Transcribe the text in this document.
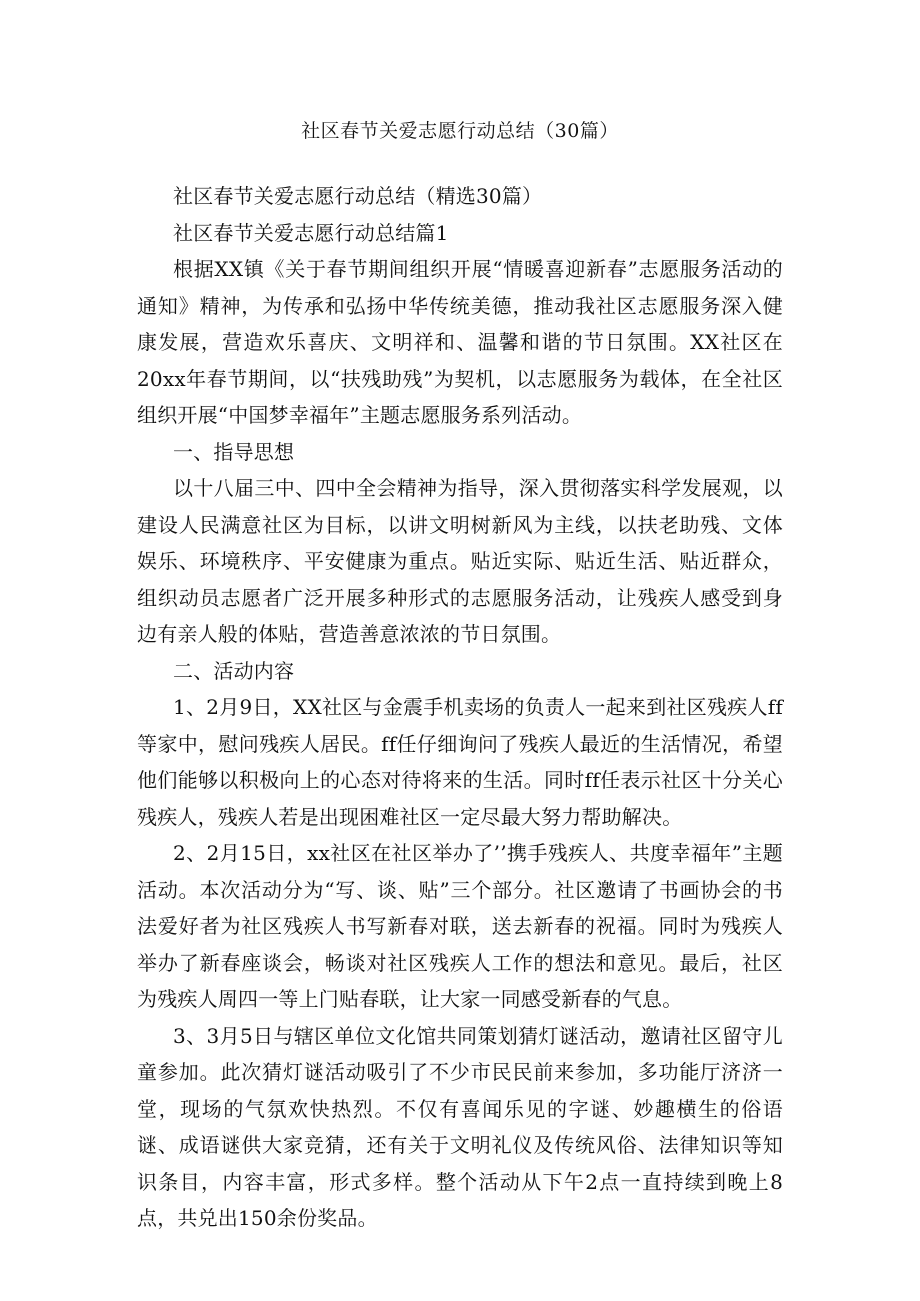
社区春节关爱志愿行动总结（30篇）

社区春节关爱志愿行动总结（精选30篇）

社区春节关爱志愿行动总结篇1

根据XX镇《关于春节期间组织开展“情暖喜迎新春”志愿服务活动的通知》精神，为传承和弘扬中华传统美德，推动我社区志愿服务深入健康发展，营造欢乐喜庆、文明祥和、温馨和谐的节日氛围。XX社区在20xx年春节期间，以“扶残助残”为契机，以志愿服务为载体，在全社区组织开展“中国梦幸福年”主题志愿服务系列活动。

一、指导思想

以十八届三中、四中全会精神为指导，深入贯彻落实科学发展观，以建设人民满意社区为目标，以讲文明树新风为主线，以扶老助残、文体娱乐、环境秩序、平安健康为重点。贴近实际、贴近生活、贴近群众，组织动员志愿者广泛开展多种形式的志愿服务活动，让残疾人感受到身边有亲人般的体贴，营造善意浓浓的节日氛围。

二、活动内容

1、2月9日，XX社区与金震手机卖场的负责人一起来到社区残疾人ff等家中，慰问残疾人居民。ff任仔细询问了残疾人最近的生活情况，希望他们能够以积极向上的心态对待将来的生活。同时ff任表示社区十分关心残疾人，残疾人若是出现困难社区一定尽最大努力帮助解决。

2、2月15日，xx社区在社区举办了’’携手残疾人、共度幸福年”主题活动。本次活动分为“写、谈、贴”三个部分。社区邀请了书画协会的书法爱好者为社区残疾人书写新春对联，送去新春的祝福。同时为残疾人举办了新春座谈会，畅谈对社区残疾人工作的想法和意见。最后，社区为残疾人周四一等上门贴春联，让大家一同感受新春的气息。

3、3月5日与辖区单位文化馆共同策划猜灯谜活动，邀请社区留守儿童参加。此次猜灯谜活动吸引了不少市民民前来参加，多功能厅济济一堂，现场的气氛欢快热烈。不仅有喜闻乐见的字谜、妙趣横生的俗语谜、成语谜供大家竞猜，还有关于文明礼仪及传统风俗、法律知识等知识条目，内容丰富，形式多样。整个活动从下午2点一直持续到晚上8点，共兑出150余份奖品。
